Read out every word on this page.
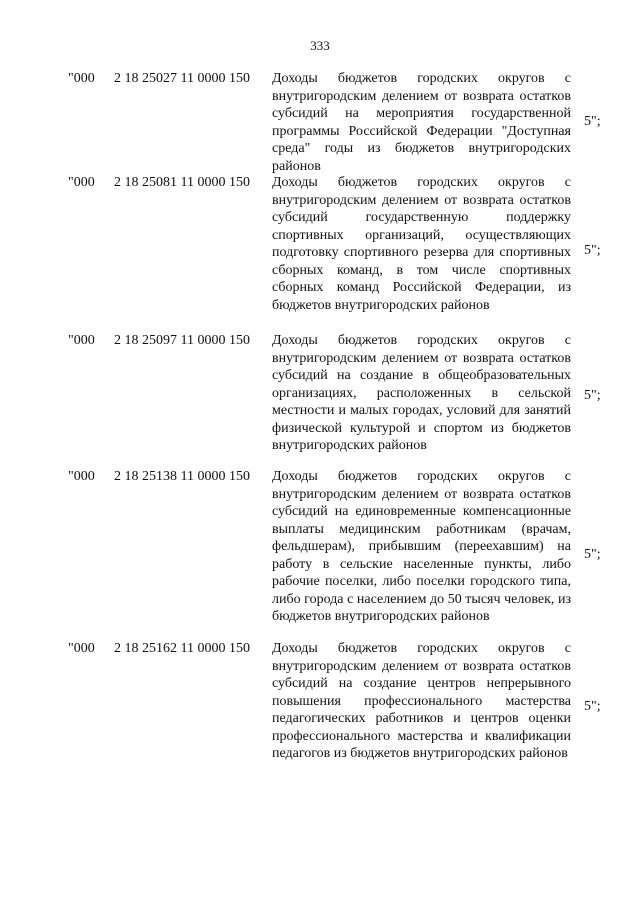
333
"000 2 18 25027 11 0000 150 Доходы бюджетов городских округов с внутригородским делением от возврата остатков субсидий на мероприятия государственной программы Российской Федерации "Доступная среда" годы из бюджетов внутригородских районов
5";
"000 2 18 25081 11 0000 150 Доходы бюджетов городских округов с внутригородским делением от возврата остатков субсидий государственную поддержку спортивных организаций, осуществляющих подготовку спортивного резерва для спортивных сборных команд, в том числе спортивных сборных команд Российской Федерации, из бюджетов внутригородских районов
5";
"000 2 18 25097 11 0000 150 Доходы бюджетов городских округов с внутригородским делением от возврата остатков субсидий на создание в общеобразовательных организациях, расположенных в сельской местности и малых городах, условий для занятий физической культурой и спортом из бюджетов внутригородских районов
5";
"000 2 18 25138 11 0000 150 Доходы бюджетов городских округов с внутригородским делением от возврата остатков субсидий на единовременные компенсационные выплаты медицинским работникам (врачам, фельдшерам), прибывшим (переехавшим) на работу в сельские населенные пункты, либо рабочие поселки, либо поселки городского типа, либо города с населением до 50 тысяч человек, из бюджетов внутригородских районов
5";
"000 2 18 25162 11 0000 150 Доходы бюджетов городских округов с внутригородским делением от возврата остатков субсидий на создание центров непрерывного повышения профессионального мастерства педагогических работников и центров оценки профессионального мастерства и квалификации педагогов из бюджетов внутригородских районов
5";
